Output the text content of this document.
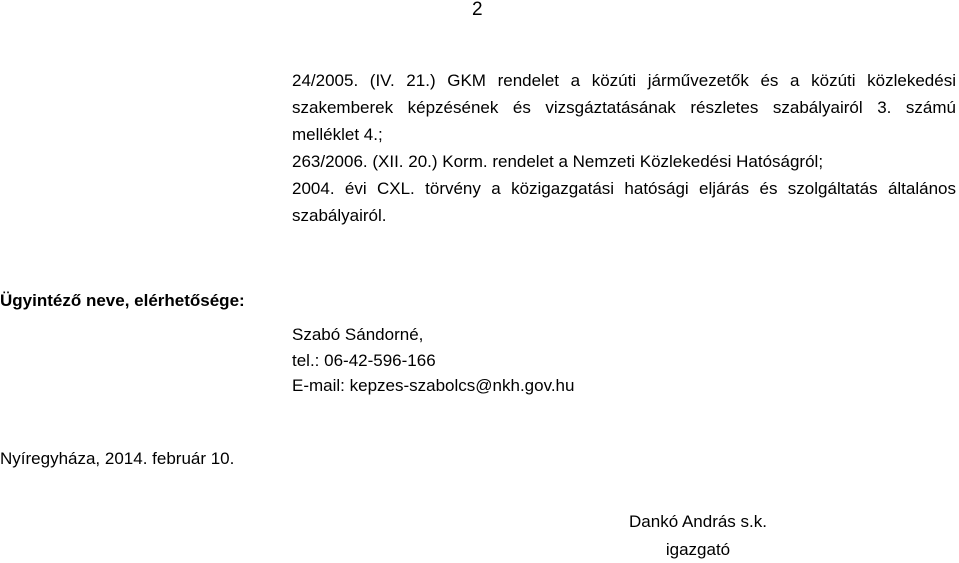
2

24/2005. (IV. 21.) GKM rendelet a közúti járművezetők és a közúti közlekedési szakemberek képzésének és vizsgáztatásának részletes szabályairól 3. számú melléklet 4.;

263/2006. (XII. 20.) Korm. rendelet a Nemzeti Közlekedési Hatóságról;

2004. évi CXL. törvény a közigazgatási hatósági eljárás és szolgáltatás általános szabályairól.

Ügyintéző neve, elérhetősége:
Szabó Sándorné,
tel.: 06-42-596-166
E-mail: kepzes-szabolcs@nkh.gov.hu
Nyíregyháza, 2014. február 10.
Dankó András s.k.
igazgató
